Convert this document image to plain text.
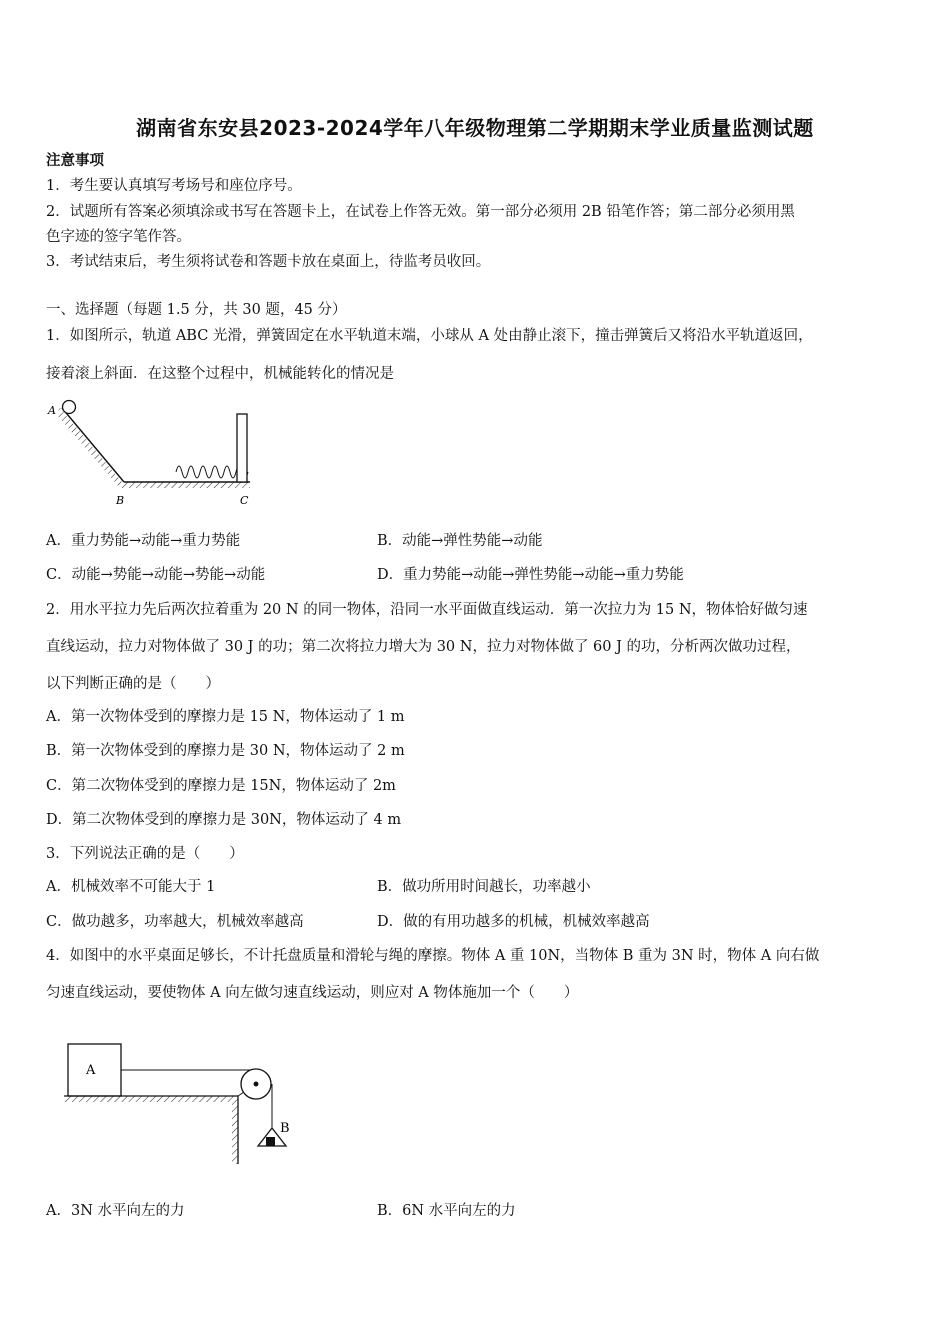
湖南省东安县2023-2024学年八年级物理第二学期期末学业质量监测试题
注意事项
1．考生要认真填写考场号和座位序号。
2．试题所有答案必须填涂或书写在答题卡上，在试卷上作答无效。第一部分必须用 2B 铅笔作答；第二部分必须用黑
色字迹的签字笔作答。
3．考试结束后，考生须将试卷和答题卡放在桌面上，待监考员收回。
一、选择题（每题 1.5 分，共 30 题，45 分）
1．如图所示，轨道 ABC 光滑，弹簧固定在水平轨道末端，小球从 A 处由静止滚下，撞击弹簧后又将沿水平轨道返回，
接着滚上斜面．在这整个过程中，机械能转化的情况是
A
B	C
A．重力势能→动能→重力势能	B．动能→弹性势能→动能
C．动能→势能→动能→势能→动能	D．重力势能→动能→弹性势能→动能→重力势能
2．用水平拉力先后两次拉着重为 20 N 的同一物体，沿同一水平面做直线运动．第一次拉力为 15 N，物体恰好做匀速
直线运动，拉力对物体做了 30 J 的功；第二次将拉力增大为 30 N，拉力对物体做了 60 J 的功，分析两次做功过程，
以下判断正确的是（　　）
A．第一次物体受到的摩擦力是 15 N，物体运动了 1 m
B．第一次物体受到的摩擦力是 30 N，物体运动了 2 m
C．第二次物体受到的摩擦力是 15N，物体运动了 2m
D．第二次物体受到的摩擦力是 30N，物体运动了 4 m
3．下列说法正确的是（　　）
A．机械效率不可能大于 1	B．做功所用时间越长，功率越小
C．做功越多，功率越大，机械效率越高	D．做的有用功越多的机械，机械效率越高
4．如图中的水平桌面足够长，不计托盘质量和滑轮与绳的摩擦。物体 A 重 10N，当物体 B 重为 3N 时，物体 A 向右做
匀速直线运动，要使物体 A 向左做匀速直线运动，则应对 A 物体施加一个（　　）
A
B
A．3N 水平向左的力	B．6N 水平向左的力
